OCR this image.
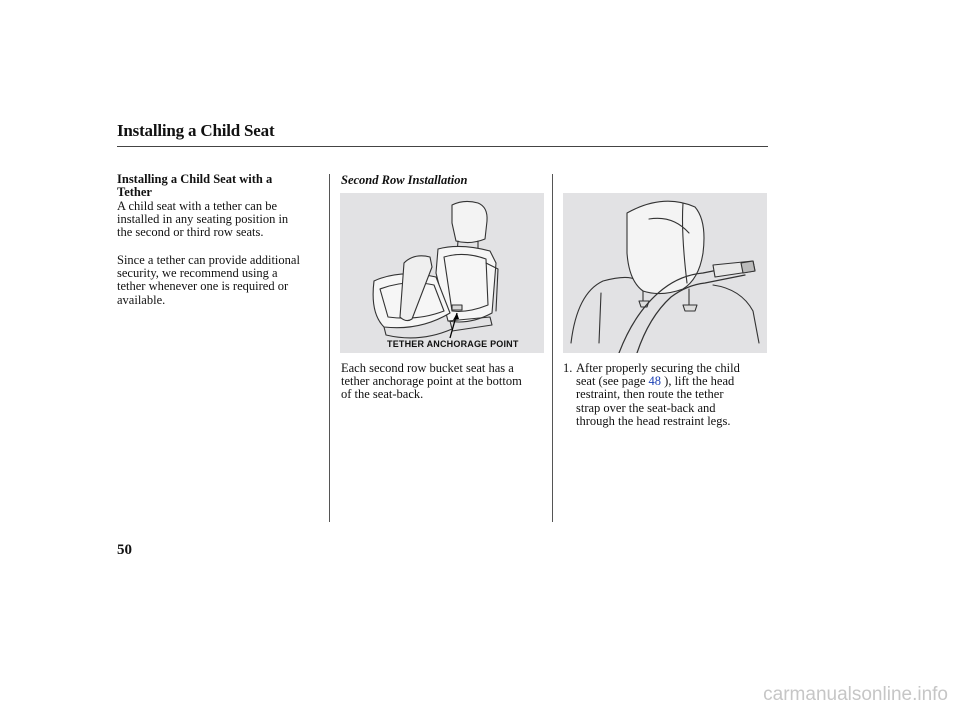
Installing a Child Seat
Installing a Child Seat with a
Tether
A child seat with a tether can be
installed in any seating position in
the second or third row seats.
Since a tether can provide additional
security, we recommend using a
tether whenever one is required or
available.
Second Row Installation
TETHER ANCHORAGE POINT
Each second row bucket seat has a
tether anchorage point at the bottom
of the seat-back.
1. After properly securing the child
seat (see page 48 ), lift the head
restraint, then route the tether
strap over the seat-back and
through the head restraint legs.
50
carmanualsonline.info
